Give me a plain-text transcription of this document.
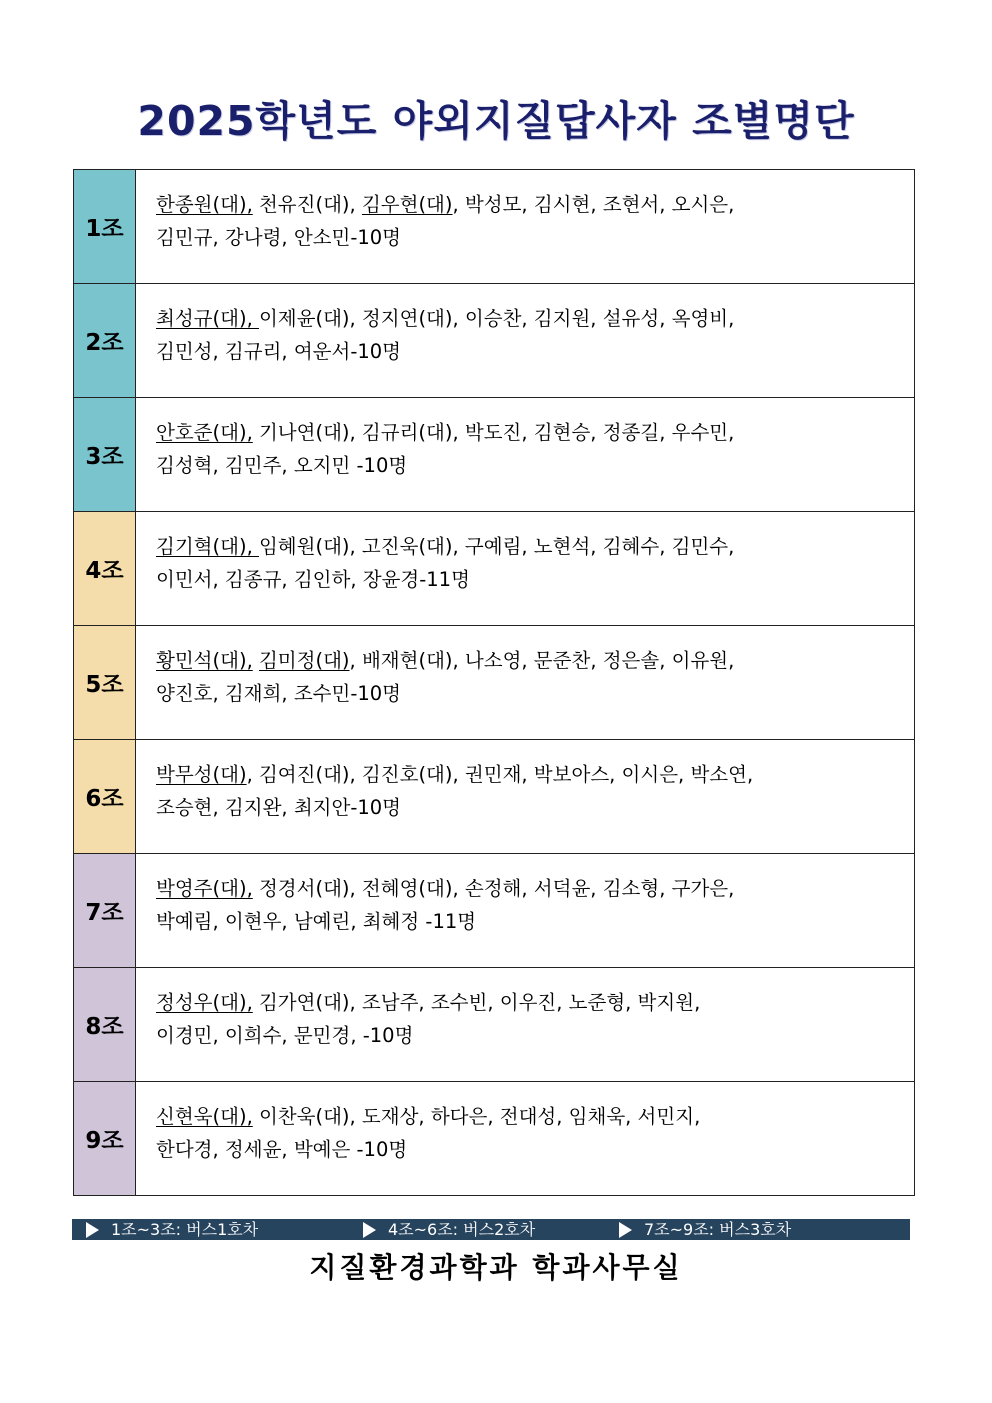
2025학년도 야외지질답사자 조별명단
1조	한종원(대), 천유진(대), 김우현(대), 박성모, 김시현, 조현서, 오시은,
김민규, 강나령, 안소민-10명

2조	최성규(대), 이제윤(대), 정지연(대), 이승찬, 김지원, 설유성, 옥영비,
김민성, 김규리, 여운서-10명

3조	안호준(대), 기나연(대), 김규리(대), 박도진, 김현승, 정종길, 우수민,
김성혁, 김민주, 오지민 -10명

4조	김기혁(대), 임혜원(대), 고진욱(대), 구예림, 노현석, 김혜수, 김민수,
이민서, 김종규, 김인하, 장윤경-11명

5조	황민석(대), 김미정(대), 배재현(대), 나소영, 문준찬, 정은솔, 이유원,
양진호, 김재희, 조수민-10명

6조	박무성(대), 김여진(대), 김진호(대), 권민재, 박보아스, 이시은, 박소연,
조승현, 김지완, 최지안-10명

7조	박영주(대), 정경서(대), 전혜영(대), 손정해, 서덕윤, 김소형, 구가은,
박예림, 이현우, 남예린, 최혜정 -11명

8조	정성우(대), 김가연(대), 조남주, 조수빈, 이우진, 노준형, 박지원,
이경민, 이희수, 문민경, -10명

9조	신현욱(대), 이찬욱(대), 도재상, 하다은, 전대성, 임채욱, 서민지,
한다경, 정세윤, 박예은 -10명
1조~3조: 버스1호차	4조~6조: 버스2호차	7조~9조: 버스3호차
지질환경과학과 학과사무실
